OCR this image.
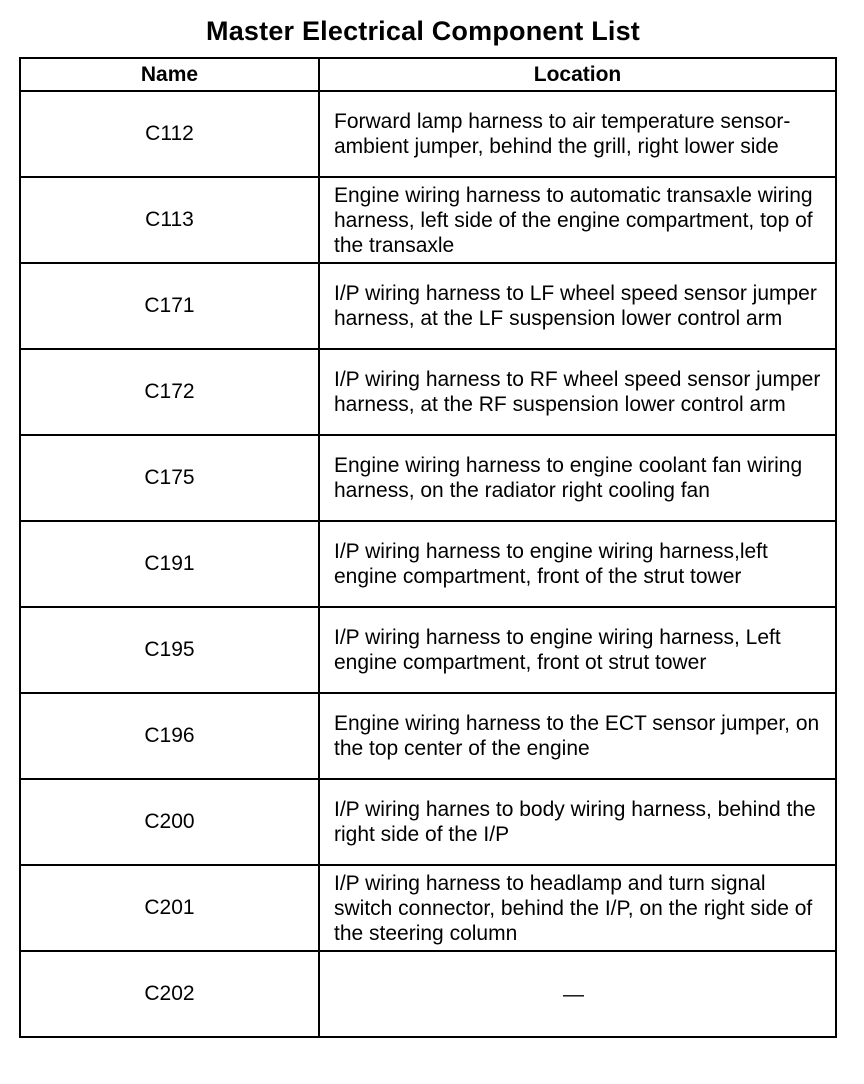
Master Electrical Component List
Name	Location
C112	Forward lamp harness to air temperature sensor-ambient jumper, behind the grill, right lower side
C113	Engine wiring harness to automatic transaxle wiring harness, left side of the engine compartment, top of the transaxle
C171	I/P wiring harness to LF wheel speed sensor jumper harness, at the LF suspension lower control arm
C172	I/P wiring harness to RF wheel speed sensor jumper harness, at the RF suspension lower control arm
C175	Engine wiring harness to engine coolant fan wiring harness, on the radiator right cooling fan
C191	I/P wiring harness to engine wiring harness,left engine compartment, front of the strut tower
C195	I/P wiring harness to engine wiring harness, Left engine compartment, front ot strut tower
C196	Engine wiring harness to the ECT sensor jumper, on the top center of the engine
C200	I/P wiring harnes to body wiring harness, behind the right side of the I/P
C201	I/P wiring harness to headlamp and turn signal switch connector, behind the I/P, on the right side of the steering column
C202	—
